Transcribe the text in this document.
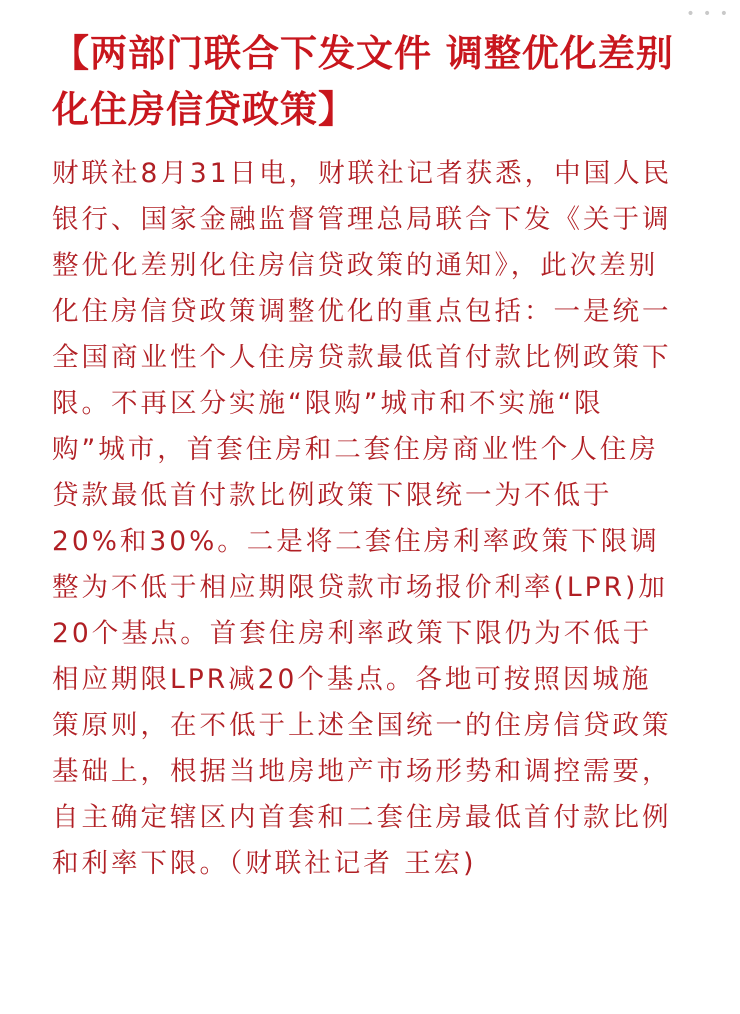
• • •
【两部门联合下发文件 调整优化差别化住房信贷政策】

财联社8月31日电，财联社记者获悉，中国人民银行、国家金融监督管理总局联合下发《关于调整优化差别化住房信贷政策的通知》，此次差别化住房信贷政策调整优化的重点包括：一是统一全国商业性个人住房贷款最低首付款比例政策下限。不再区分实施“限购”城市和不实施“限购”城市，首套住房和二套住房商业性个人住房贷款最低首付款比例政策下限统一为不低于20%和30%。二是将二套住房利率政策下限调整为不低于相应期限贷款市场报价利率(LPR)加20个基点。首套住房利率政策下限仍为不低于相应期限LPR减20个基点。各地可按照因城施策原则，在不低于上述全国统一的住房信贷政策基础上，根据当地房地产市场形势和调控需要，自主确定辖区内首套和二套住房最低首付款比例和利率下限。（财联社记者 王宏)
